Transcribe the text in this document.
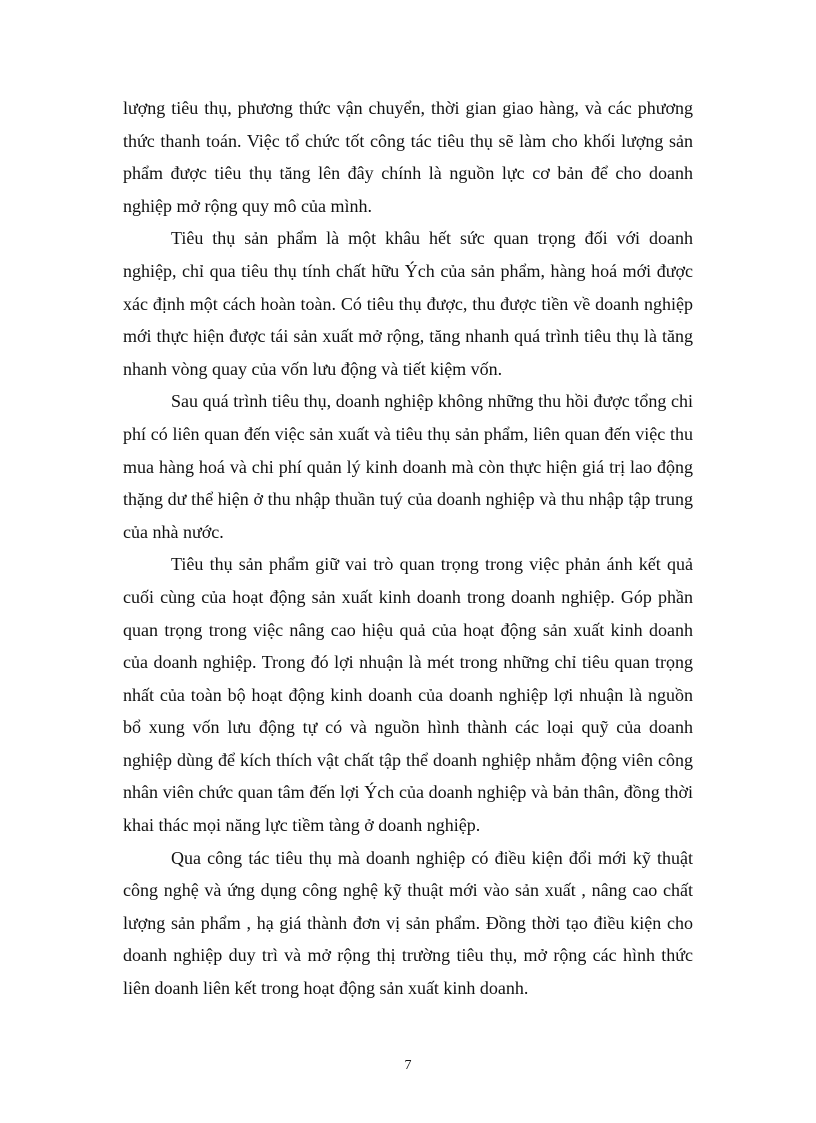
lượng tiêu thụ, phương thức vận chuyển, thời gian giao hàng, và các phương thức thanh toán. Việc tổ chức tốt công tác tiêu thụ sẽ làm cho khối lượng sản phẩm được tiêu thụ tăng lên đây chính là nguồn lực cơ bản để cho doanh nghiệp mở rộng quy mô của mình.

Tiêu thụ sản phẩm là một khâu hết sức quan trọng đối với doanh nghiệp, chỉ qua tiêu thụ tính chất hữu Ých của sản phẩm, hàng hoá mới được xác định một cách hoàn toàn. Có tiêu thụ được, thu được tiền về doanh nghiệp mới thực hiện được tái sản xuất mở rộng, tăng nhanh quá trình tiêu thụ là tăng nhanh vòng quay của vốn lưu động và tiết kiệm vốn.

Sau quá trình tiêu thụ, doanh nghiệp không những thu hồi được tổng chi phí có liên quan đến việc sản xuất và tiêu thụ sản phẩm, liên quan đến việc thu mua hàng hoá và chi phí quản lý kinh doanh mà còn thực hiện giá trị lao động thặng dư thể hiện ở thu nhập thuần tuý của doanh nghiệp và thu nhập tập trung của nhà nước.

Tiêu thụ sản phẩm giữ vai trò quan trọng trong việc phản ánh kết quả cuối cùng của hoạt động sản xuất kinh doanh trong doanh nghiệp. Góp phần quan trọng trong việc nâng cao hiệu quả của hoạt động sản xuất kinh doanh của doanh nghiệp. Trong đó lợi nhuận là mét trong những chỉ tiêu quan trọng nhất của toàn bộ hoạt động kinh doanh của doanh nghiệp lợi nhuận là nguồn bổ xung vốn lưu động tự có và nguồn hình thành các loại quỹ của doanh nghiệp dùng để kích thích vật chất tập thể doanh nghiệp nhằm động viên công nhân viên chức quan tâm đến lợi Ých của doanh nghiệp và bản thân, đồng thời khai thác mọi năng lực tiềm tàng ở doanh nghiệp.

Qua công tác tiêu thụ mà doanh nghiệp có điều kiện đổi mới kỹ thuật công nghệ và ứng dụng công nghệ kỹ thuật mới vào sản xuất , nâng cao chất lượng sản phẩm , hạ giá thành đơn vị sản phẩm. Đồng thời tạo điều kiện cho doanh nghiệp duy trì và mở rộng thị trường tiêu thụ, mở rộng các hình thức liên doanh liên kết trong hoạt động sản xuất kinh doanh.

7
